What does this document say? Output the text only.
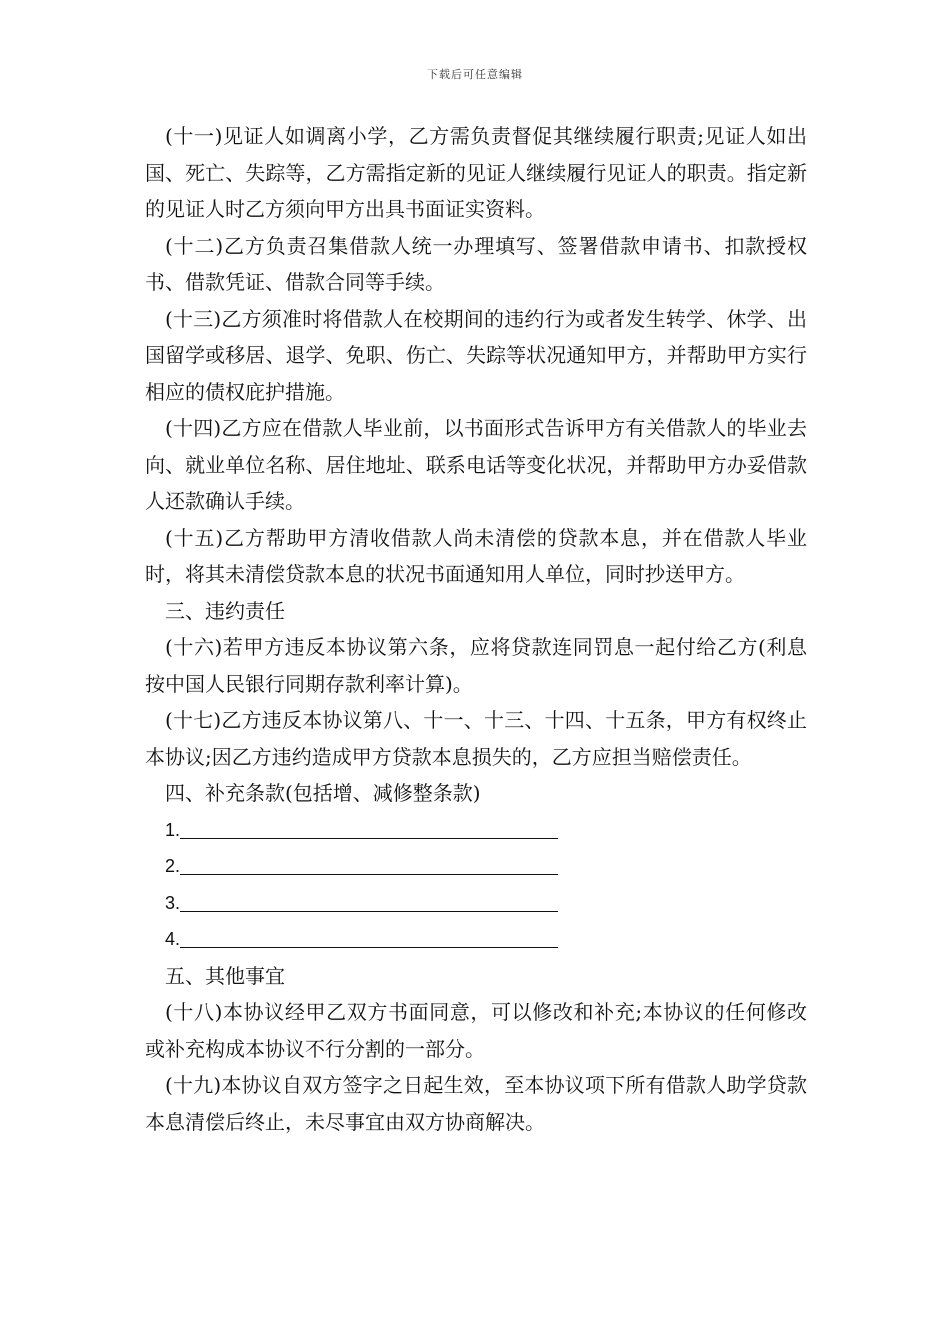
下载后可任意编辑

(十一)见证人如调离小学，乙方需负责督促其继续履行职责;见证人如出国、死亡、失踪等，乙方需指定新的见证人继续履行见证人的职责。指定新的见证人时乙方须向甲方出具书面证实资料。

(十二)乙方负责召集借款人统一办理填写、签署借款申请书、扣款授权书、借款凭证、借款合同等手续。

(十三)乙方须准时将借款人在校期间的违约行为或者发生转学、休学、出国留学或移居、退学、免职、伤亡、失踪等状况通知甲方，并帮助甲方实行相应的债权庇护措施。

(十四)乙方应在借款人毕业前，以书面形式告诉甲方有关借款人的毕业去向、就业单位名称、居住地址、联系电话等变化状况，并帮助甲方办妥借款人还款确认手续。

(十五)乙方帮助甲方清收借款人尚未清偿的贷款本息，并在借款人毕业时，将其未清偿贷款本息的状况书面通知用人单位，同时抄送甲方。

三、违约责任

(十六)若甲方违反本协议第六条，应将贷款连同罚息一起付给乙方(利息按中国人民银行同期存款利率计算)。

(十七)乙方违反本协议第八、十一、十三、十四、十五条，甲方有权终止本协议;因乙方违约造成甲方贷款本息损失的，乙方应担当赔偿责任。

四、补充条款(包括增、减修整条款)

1.

2.

3.

4.

五、其他事宜

(十八)本协议经甲乙双方书面同意，可以修改和补充;本协议的任何修改或补充构成本协议不行分割的一部分。

(十九)本协议自双方签字之日起生效，至本协议项下所有借款人助学贷款本息清偿后终止，未尽事宜由双方协商解决。
